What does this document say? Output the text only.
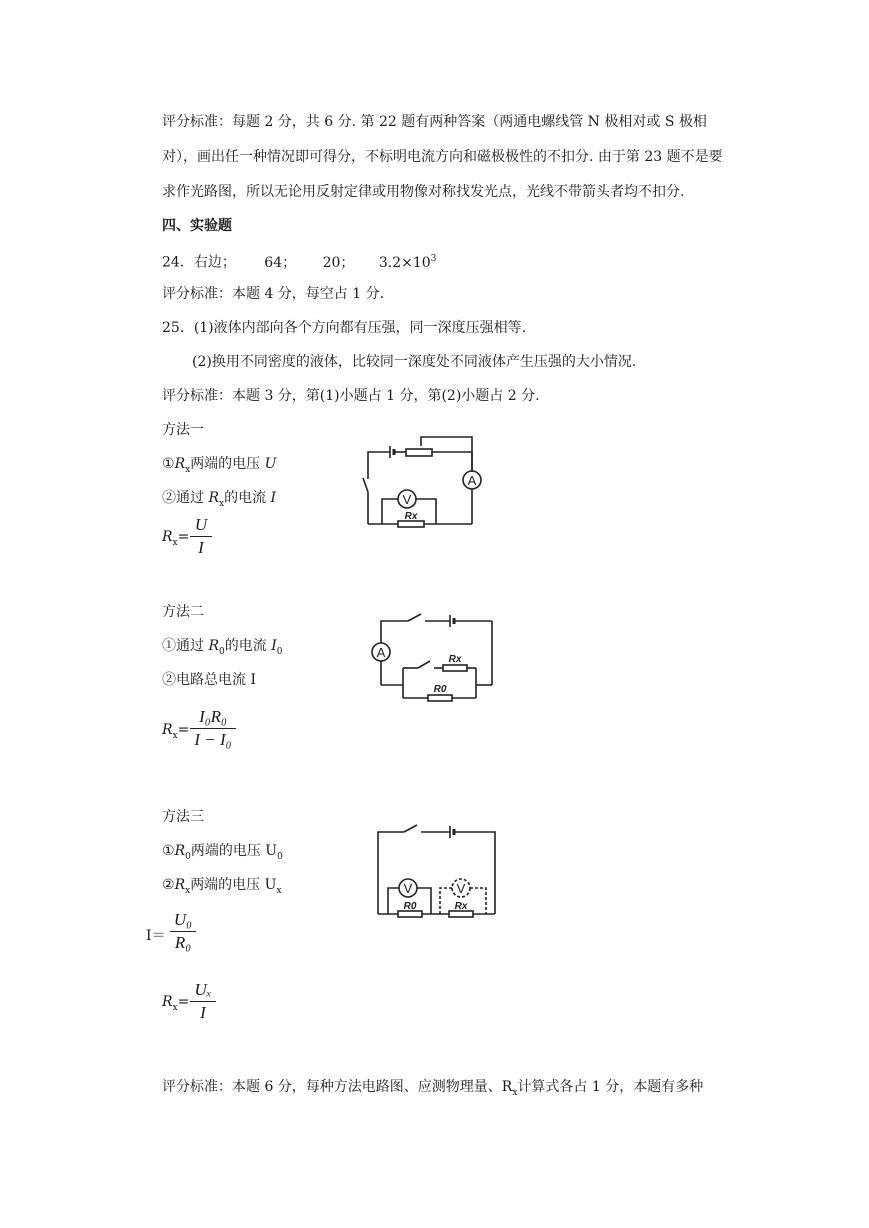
评分标准：每题 2 分，共 6 分. 第 22 题有两种答案（两通电螺线管 N 极相对或 S 极相
对），画出任一种情况即可得分，不标明电流方向和磁极极性的不扣分. 由于第 23 题不是要
求作光路图，所以无论用反射定律或用物像对称找发光点，光线不带箭头者均不扣分.
四、实验题
24．右边； 64； 20； $3.2\times 10^3$
评分标准：本题 4 分，每空占 1 分.
25．(1)液体内部向各个方向都有压强，同一深度压强相等.
(2)换用不同密度的液体，比较同一深度处不同液体产生压强的大小情况.
评分标准：本题 3 分，第(1)小题占 1 分，第(2)小题占 2 分.
方法一
$①R_x$两端的电压 U
②通过 $R_x$的电流 I
$R_x=$
U
I
A
V
Rx
方法二
①通过 $R_0$的电流 $I_0$
②电路总电流 I
$R_x=$
I₀R₀
I − I₀
A	Rx
R0
方法三
$①R_0$两端的电压 $U_0$
$②R_x$两端的电压 $U_x$
I＝
U₀
R₀
$R_x=$
Uₓ
I
V	V
R0	Rx
评分标准：本题 6 分，每种方法电路图、应测物理量、$R_x$计算式各占 1 分，本题有多种
